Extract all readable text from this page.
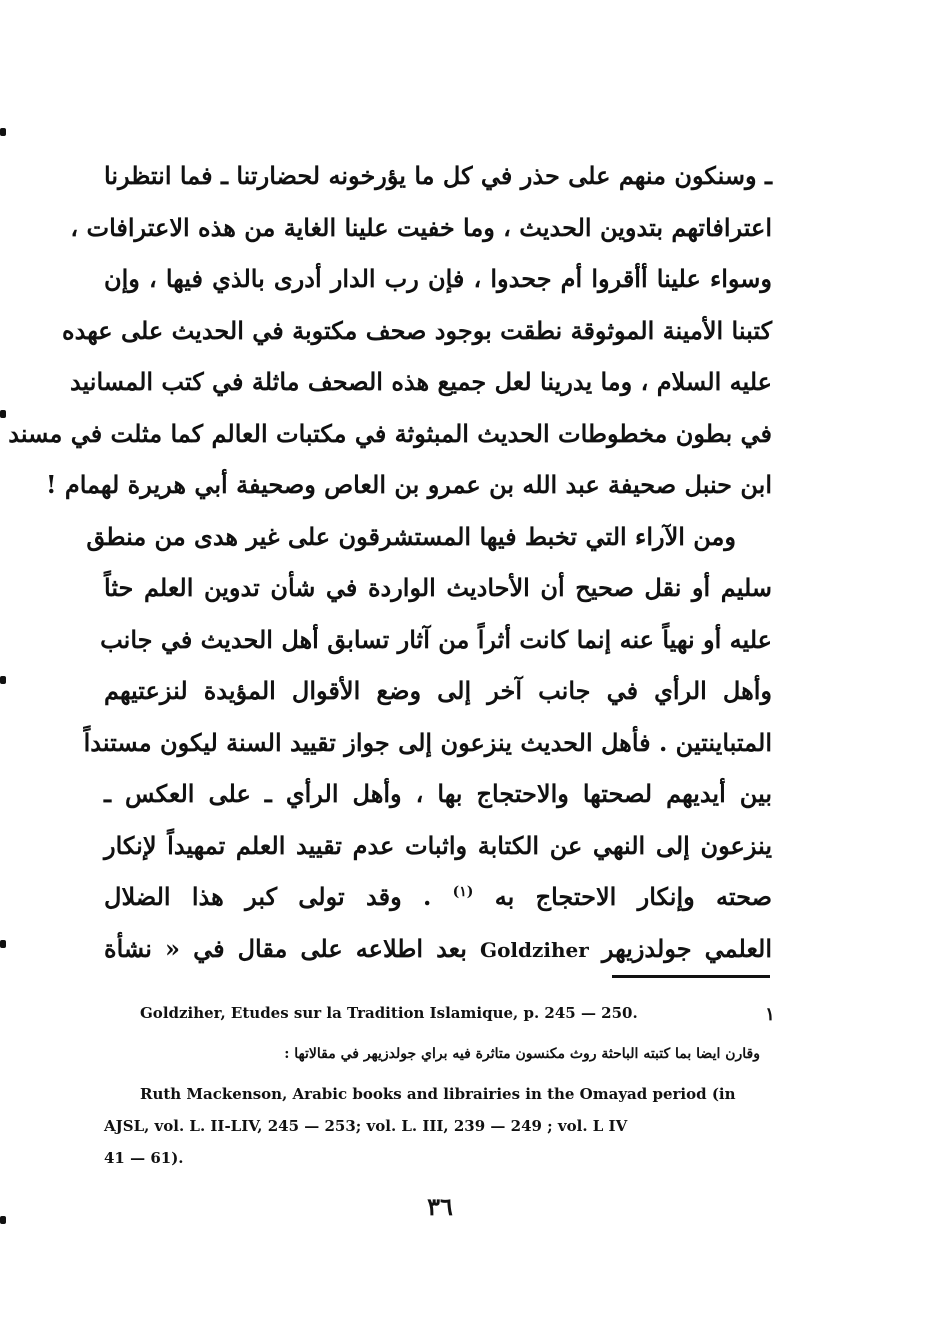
ـ وسنكون منهم على حذر في كل ما يؤرخونه لحضارتنا ـ فما انتظرنا
اعترافاتهم بتدوين الحديث ، وما خفيت علينا الغاية من هذه الاعترافات ،
وسواء علينا أأقروا أم جحدوا ، فإن رب الدار أدرى بالذي فيها ، وإن
كتبنا الأمينة الموثوقة نطقت بوجود صحف مكتوبة في الحديث على عهده
عليه السلام ، وما يدرينا لعل جميع هذه الصحف ماثلة في كتب المسانيد
في بطون مخطوطات الحديث المبثوثة في مكتبات العالم كما مثلت في مسند
ابن حنبل صحيفة عبد الله بن عمرو بن العاص وصحيفة أبي هريرة لهمام !
ومن الآراء التي تخبط فيها المستشرقون على غير هدى من منطق
سليم أو نقل صحيح أن الأحاديث الواردة في شأن تدوين العلم حثاً
عليه أو نهياً عنه إنما كانت أثراً من آثار تسابق أهل الحديث في جانب
وأهل الرأي في جانب آخر إلى وضع الأقوال المؤيدة لنزعتيهم
المتباينتين . فأهل الحديث ينزعون إلى جواز تقييد السنة ليكون مستنداً
بين أيديهم لصحتها والاحتجاج بها ، وأهل الرأي ـ على العكس ـ
ينزعون إلى النهي عن الكتابة واثبات عدم تقييد العلم تمهيداً لإنكار
صحته وإنكار الاحتجاج به $^{(١)}$ . وقد تولى كبر هذا الضلال
العلمي جولدزيهر Goldziher بعد اطلاعه على مقال في « نشأة
١
Goldziher, Etudes sur la Tradition Islamique, p. 245 — 250.
وقارن ايضا بما كتبته الباحثة روث مكنسون متاثرة فيه براي جولدزيهر في مقالاتها :
Ruth Mackenson, Arabic books and librairies in the Omayad period (in
AJSL, vol. L. II-LIV, 245 — 253; vol. L. III, 239 — 249 ; vol. L IV
41 — 61).
٣٦
